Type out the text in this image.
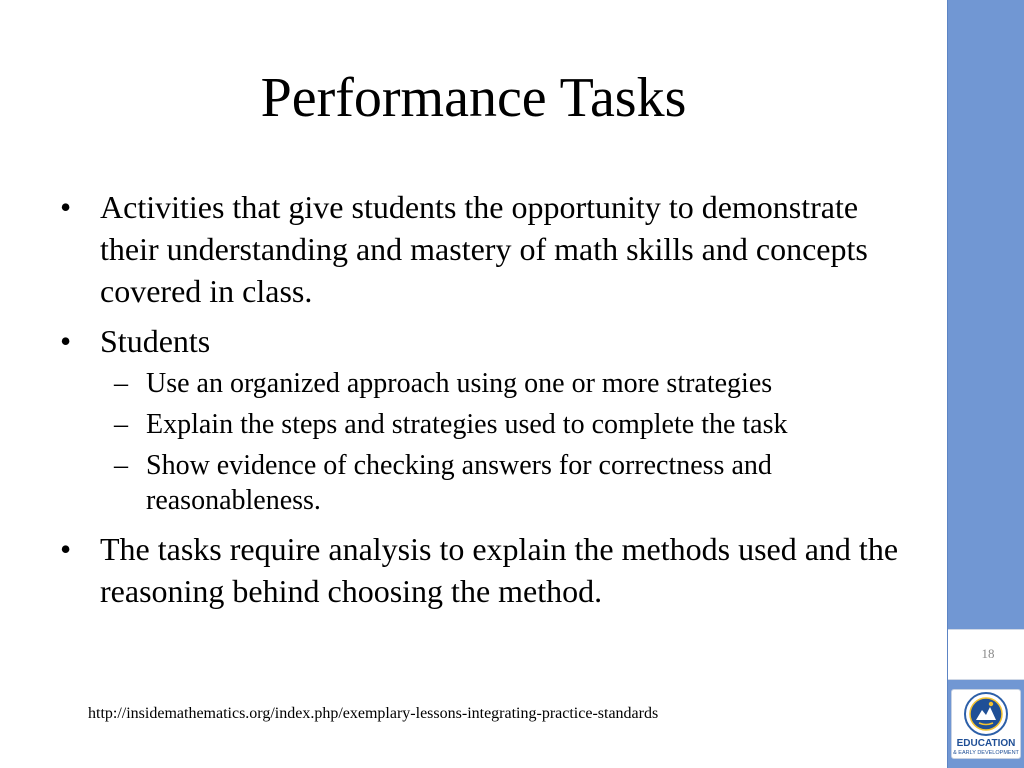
Performance Tasks
• Activities that give students the opportunity to demonstrate their understanding and mastery of math skills and concepts covered in class.
• Students
– Use an organized approach using one or more strategies
– Explain the steps and strategies used to complete the task
– Show evidence of checking answers for correctness and reasonableness.
• The tasks require analysis to explain the methods used and the reasoning behind choosing the method.
http://insidemathematics.org/index.php/exemplary-lessons-integrating-practice-standards
18
EDUCATION
& EARLY DEVELOPMENT
